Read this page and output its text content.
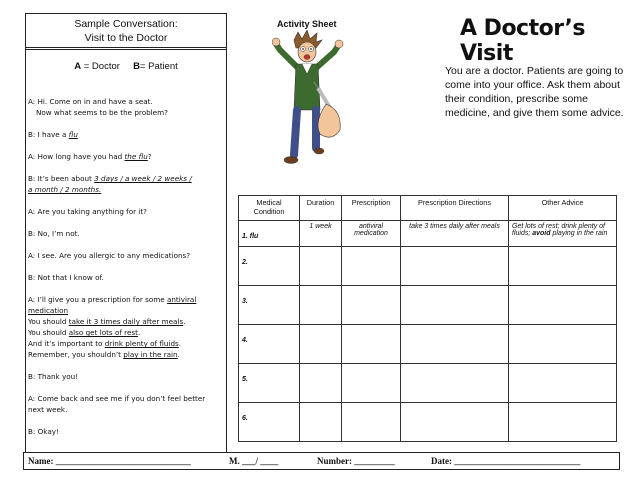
Sample Conversation:
Visit to the Doctor
A = Doctor B= Patient
A: Hi. Come on in and have a seat.
Now what seems to be the problem?
B: I have a flu
A: How long have you had the flu?
B: It’s been about 3 days / a week / 2 weeks /
a month / 2 months.
A: Are you taking anything for it?
B: No, I’m not.
A: I see. Are you allergic to any medications?
B: Not that I know of.
A: I’ll give you a prescription for some antiviral
medication
You should take it 3 times daily after meals.
You should also get lots of rest.
And it’s important to drink plenty of fluids.
Remember, you shouldn’t play in the rain.
B: Thank you!
A: Come back and see me if you don’t feel better
next week.
B: Okay!
Activity Sheet	A Doctor’s Visit
You are a doctor. Patients are going to come into your office. Ask them about their condition, prescribe some medicine, and give them some advice.
Medical Condition	Duration	Prescription	Prescription Directions	Other Advice

1. flu	1 week	antiviral medication	take 3 times daily after meals	Get lots of rest; drink plenty of fluids; avoid playing in the rain

2.				

3.				

4.				

5.				

6.				

Name: ______________________________	M. ___/ ____	Number: _________	Date: ____________________________
